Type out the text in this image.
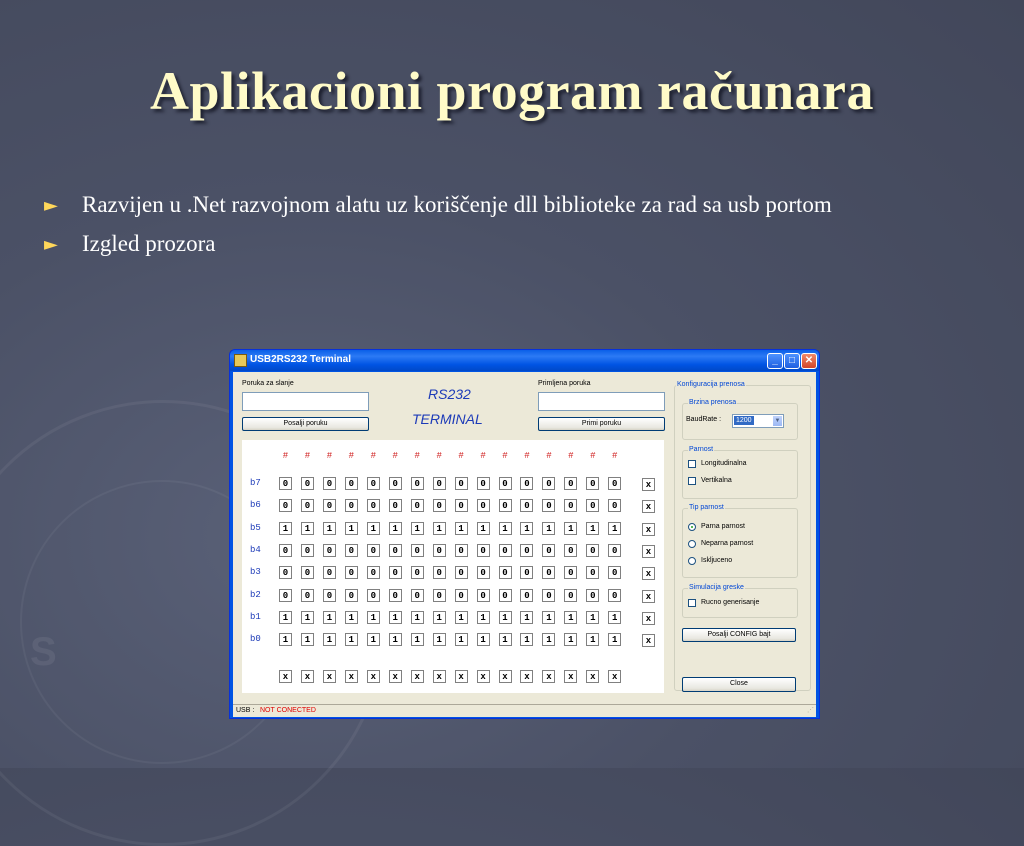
S
Aplikacioni program računara
►	Razvijen u .Net razvojnom alatu uz koriščenje dll biblioteke za rad sa usb portom
►	Izgled prozora
USB2RS232 Terminal	_	□ ✕
Poruka za slanje
Posalji poruku
RS232
TERMINAL
Primljena poruka
Primi poruku
#	#	#	#	#	#	#	#	#	#	#	#	#	#	#	#
b7	0	0	0	0	0	0	0	0	0	0	0	0	0	0	0	0	x
b6	0	0	0	0	0	0	0	0	0	0	0	0	0	0	0	0	x
b5	1	1	1	1	1	1	1	1	1	1	1	1	1	1	1	1	x
b4	0	0	0	0	0	0	0	0	0	0	0	0	0	0	0	0	x
b3	0	0	0	0	0	0	0	0	0	0	0	0	0	0	0	0	x
b2	0	0	0	0	0	0	0	0	0	0	0	0	0	0	0	0	x
b1	1	1	1	1	1	1	1	1	1	1	1	1	1	1	1	1	x
b0	1	1	1	1	1	1	1	1	1	1	1	1	1	1	1	1	x
x	x	x	x	x	x	x	x	x	x	x	x	x	x	x	x
Konfiguracija prenosa
Brzina prenosa
BaudRate : 1200	▼
Parnost
Longitudinalna
Vertikalna
Tip parnost
Parna parnost
Neparna parnost
Iskljuceno
Simulacija greske
Rucno generisanje
Posalji CONFIG bajt
Close
USB : NOT CONECTED	⋰
